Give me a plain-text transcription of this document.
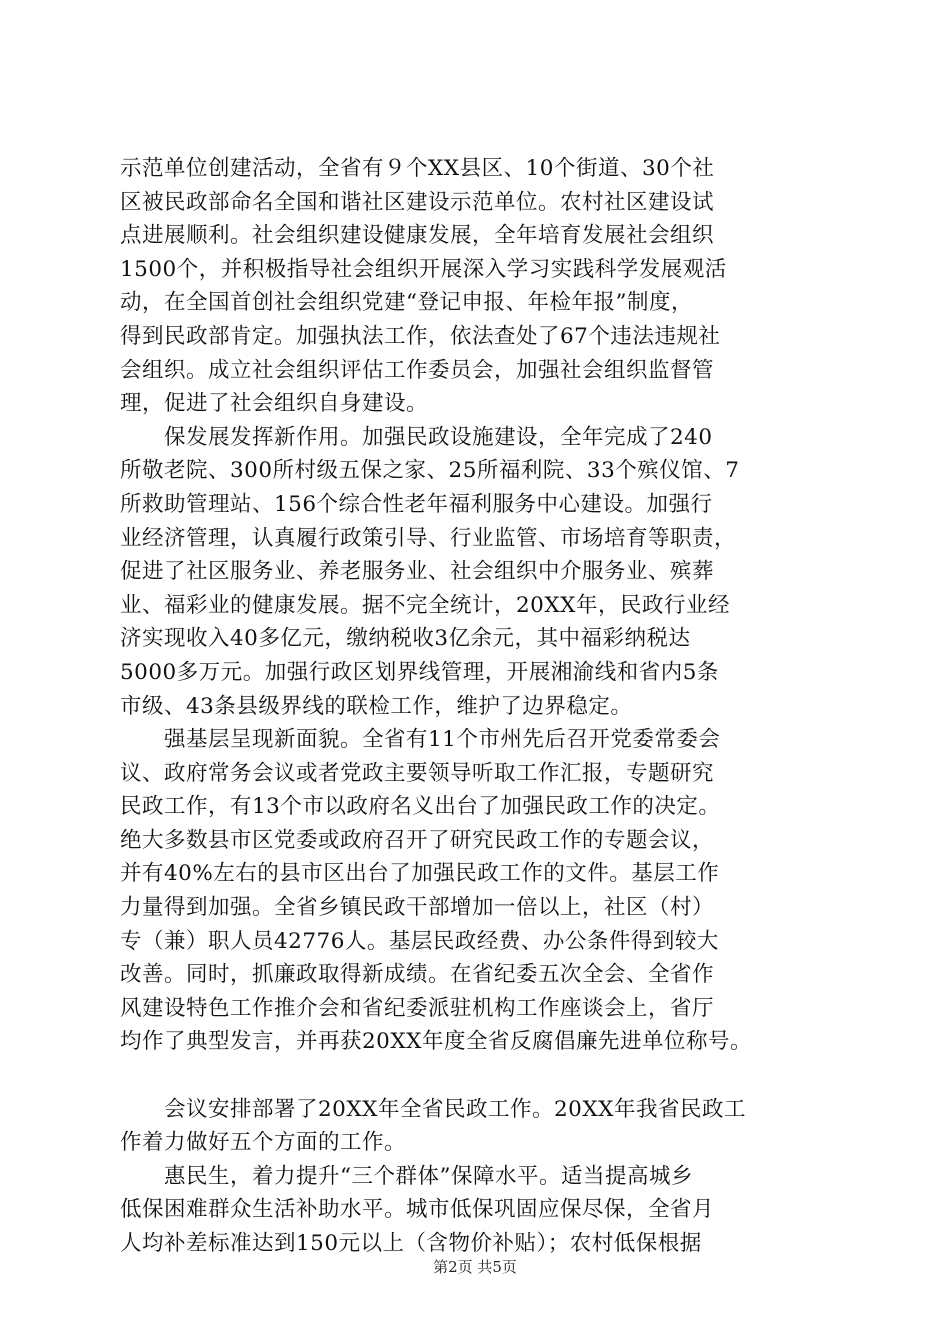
示范单位创建活动，全省有９个XX县区、10个街道、30个社
区被民政部命名全国和谐社区建设示范单位。农村社区建设试
点进展顺利。社会组织建设健康发展，全年培育发展社会组织
1500个，并积极指导社会组织开展深入学习实践科学发展观活
动，在全国首创社会组织党建“登记申报、年检年报”制度，
得到民政部肯定。加强执法工作，依法查处了67个违法违规社
会组织。成立社会组织评估工作委员会，加强社会组织监督管
理，促进了社会组织自身建设。
保发展发挥新作用。加强民政设施建设，全年完成了240
所敬老院、300所村级五保之家、25所福利院、33个殡仪馆、7
所救助管理站、156个综合性老年福利服务中心建设。加强行
业经济管理，认真履行政策引导、行业监管、市场培育等职责，
促进了社区服务业、养老服务业、社会组织中介服务业、殡葬
业、福彩业的健康发展。据不完全统计，20XX年，民政行业经
济实现收入40多亿元，缴纳税收3亿余元，其中福彩纳税达
5000多万元。加强行政区划界线管理，开展湘渝线和省内5条
市级、43条县级界线的联检工作，维护了边界稳定。
强基层呈现新面貌。全省有11个市州先后召开党委常委会
议、政府常务会议或者党政主要领导听取工作汇报，专题研究
民政工作，有13个市以政府名义出台了加强民政工作的决定。
绝大多数县市区党委或政府召开了研究民政工作的专题会议，
并有40%左右的县市区出台了加强民政工作的文件。基层工作
力量得到加强。全省乡镇民政干部增加一倍以上，社区（村）
专（兼）职人员42776人。基层民政经费、办公条件得到较大
改善。同时，抓廉政取得新成绩。在省纪委五次全会、全省作
风建设特色工作推介会和省纪委派驻机构工作座谈会上，省厅
均作了典型发言，并再获20XX年度全省反腐倡廉先进单位称号。
会议安排部署了20XX年全省民政工作。20XX年我省民政工
作着力做好五个方面的工作。
惠民生，着力提升“三个群体”保障水平。适当提高城乡
低保困难群众生活补助水平。城市低保巩固应保尽保，全省月
人均补差标准达到150元以上（含物价补贴）；农村低保根据
第2页 共5页
